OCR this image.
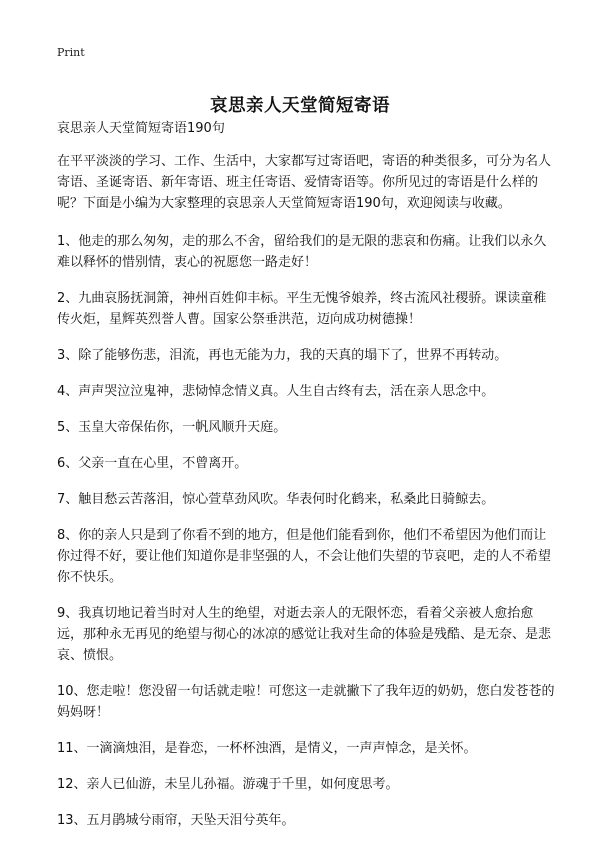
Print
哀思亲人天堂简短寄语

哀思亲人天堂简短寄语190句

在平平淡淡的学习、工作、生活中，大家都写过寄语吧，寄语的种类很多，可分为名人寄语、圣诞寄语、新年寄语、班主任寄语、爱情寄语等。你所见过的寄语是什么样的呢？下面是小编为大家整理的哀思亲人天堂简短寄语190句，欢迎阅读与收藏。

1、他走的那么匆匆，走的那么不舍，留给我们的是无限的悲哀和伤痛。让我们以永久难以释怀的惜别情，衷心的祝愿您一路走好！

2、九曲哀肠抚洞箫，神州百姓仰丰标。平生无愧爷娘养，终古流风社稷骄。课读童稚传火炬，星辉英烈誉人曹。国家公祭垂洪范，迈向成功树德操！

3、除了能够伤悲，泪流，再也无能为力，我的天真的塌下了，世界不再转动。

4、声声哭泣泣鬼神，悲恸悼念情义真。人生自古终有去，活在亲人思念中。

5、玉皇大帝保佑你，一帆风顺升天庭。

6、父亲一直在心里，不曾离开。

7、触目愁云苦落泪，惊心萱草劲风吹。华表何时化鹤来，私桑此日骑鲸去。

8、你的亲人只是到了你看不到的地方，但是他们能看到你，他们不希望因为他们而让你过得不好，要让他们知道你是非坚强的人，不会让他们失望的节哀吧，走的人不希望你不快乐。

9、我真切地记着当时对人生的绝望，对逝去亲人的无限怀恋，看着父亲被人愈抬愈远，那种永无再见的绝望与彻心的冰凉的感觉让我对生命的体验是残酷、是无奈、是悲哀、愤恨。

10、您走啦！您没留一句话就走啦！可您这一走就撇下了我年迈的奶奶，您白发苍苍的妈妈呀！

11、一滴滴烛泪，是眷恋，一杯杯浊酒，是情义，一声声悼念，是关怀。

12、亲人已仙游，未呈儿孙福。游魂于千里，如何度思考。

13、五月鹃城兮雨帘，天坠天泪兮英年。
